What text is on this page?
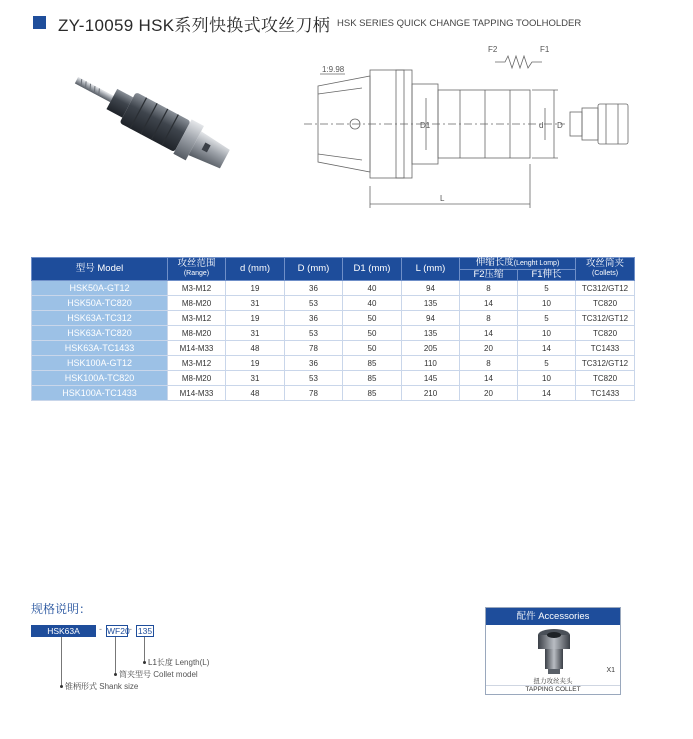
ZY-10059 HSK系列快换式攻丝刀柄 HSK SERIES QUICK CHANGE TAPPING TOOLHOLDER
F2	F1
1:9.98
D1	D
d
L
型号 Model	攻丝范围
(Range)	d (mm)	D (mm)	D1 (mm)	L (mm)	伸缩长度(Lenght Lomp)		攻丝筒夹
(Collets)

						F2压缩	F1伸长	
HSK50A-GT12	M3-M12	19	36	40	94	8	5	TC312/GT12
HSK50A-TC820	M8-M20	31	53	40	135	14	10	TC820
HSK63A-TC312	M3-M12	19	36	50	94	8	5	TC312/GT12
HSK63A-TC820	M8-M20	31	53	50	135	14	10	TC820
HSK63A-TC1433	M14-M33	48	78	50	205	20	14	TC1433
HSK100A-GT12	M3-M12	19	36	85	110	8	5	TC312/GT12
HSK100A-TC820	M8-M20	31	53	85	145	14	10	TC820
HSK100A-TC1433	M14-M33	48	78	85	210	20	14	TC1433
规格说明：
HSK63A	- WF20 - 135
L1长度 Length(L)
筒夹型号 Collet model
锥柄形式 Shank size
配件 Accessories
X1
扭力攻丝夹头
TAPPING COLLET
